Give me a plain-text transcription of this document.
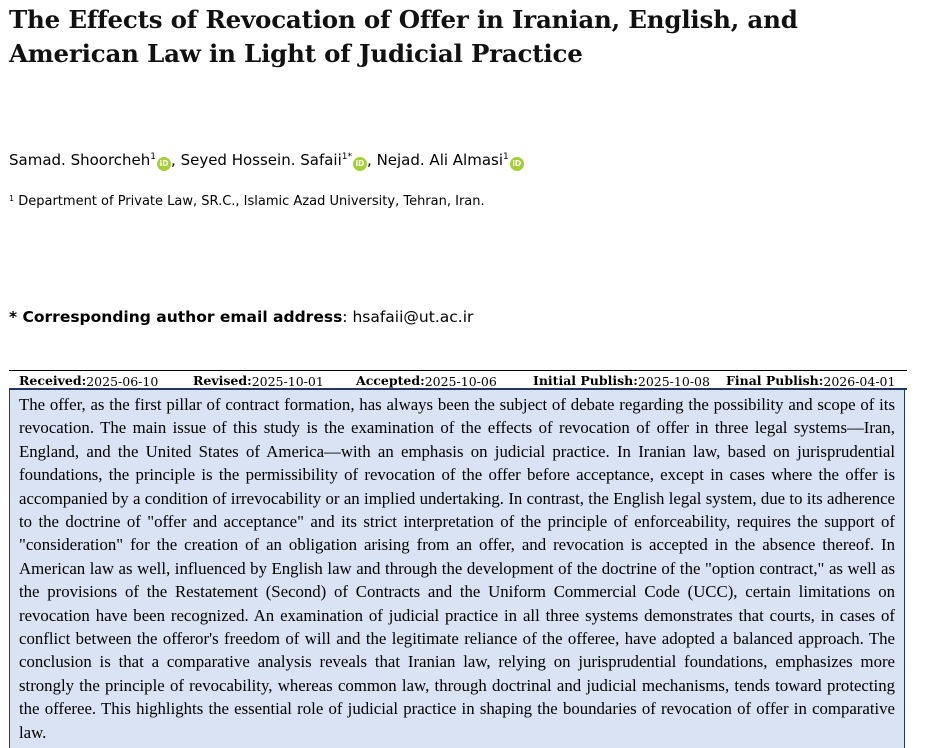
The Effects of Revocation of Offer in Iranian, English, and American Law in Light of Judicial Practice
Samad. Shoorcheh$^1$iD , Seyed Hossein. Safaii$^{1*}$iD , Nejad. Ali Almasi$^1$iD
$^1$ Department of Private Law, SR.C., Islamic Azad University, Tehran, Iran.
* Corresponding author email address: hsafaii@ut.ac.ir
Received: 2025-06-10	Revised: 2025-10-01	Accepted: 2025-10-06	Initial Publish: 2025-10-08 Final Publish: 2026-04-01
The offer, as the first pillar of contract formation, has always been the subject of debate regarding the possibility and scope of its revocation. The main issue of this study is the examination of the effects of revocation of offer in three legal systems—Iran, England, and the United States of America—with an emphasis on judicial practice. In Iranian law, based on jurisprudential foundations, the principle is the permissibility of revocation of the offer before acceptance, except in cases where the offer is accompanied by a condition of irrevocability or an implied undertaking. In contrast, the English legal system, due to its adherence to the doctrine of "offer and acceptance" and its strict interpretation of the principle of enforceability, requires the support of "consideration" for the creation of an obligation arising from an offer, and revocation is accepted in the absence thereof. In American law as well, influenced by English law and through the development of the doctrine of the "option contract," as well as the provisions of the Restatement (Second) of Contracts and the Uniform Commercial Code (UCC), certain limitations on revocation have been recognized. An examination of judicial practice in all three systems demonstrates that courts, in cases of conflict between the offeror's freedom of will and the legitimate reliance of the offeree, have adopted a balanced approach. The conclusion is that a comparative analysis reveals that Iranian law, relying on jurisprudential foundations, emphasizes more strongly the principle of revocability, whereas common law, through doctrinal and judicial mechanisms, tends toward protecting the offeree. This highlights the essential role of judicial practice in shaping the boundaries of revocation of offer in comparative law.
